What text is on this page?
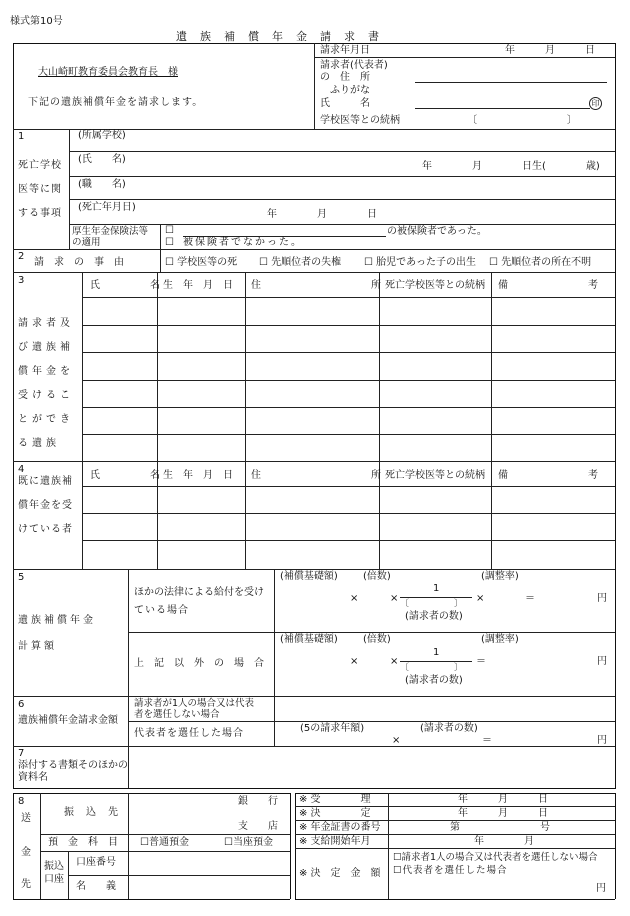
様式第10号
遺　族　補　償　年　金　請　求　書
大山崎町教育委員会教育長　様
下記の遺族補償年金を請求します。
請求年月日	年　　　月　　　日
請求者(代表者)
の　住　所
ふりがな
氏　　　名	印
学校医等との続柄	〔　　　　　　　　　〕
1
死亡学校
医等に関
する事項
(所属学校)
(氏　　名)
年　　　　月　　　　日生(　　　　歳)
(職　　名)
(死亡年月日)
年　　　　月　　　　日
厚生年金保険法等
の適用
☐	の被保険者であった。
☐ 被保険者でなかった。
2
請　求　の　事　由	☐ 学校医等の死 ☐ 先順位者の失権 ☐ 胎児であった子の出生 ☐ 先順位者の所在不明
3
請求者及
び遺族補
償年金を
受けるこ
とができ
る遺族
氏　　　　　名 生　年　月　日 住　　　　　　　　　　　所 死亡学校医等との続柄 備　　　　　　　　考
4
既に遺族補
償年金を受
けている者
氏　　　　　名 生　年　月　日 住　　　　　　　　　　　所 死亡学校医等との続柄 備　　　　　　　　考
5
遺族補償年金
計算額
ほかの法律による給付を受け
ている場合
上　記　以　外　の　場　合
(補償基礎額)	(倍数)	(調整率)
×	×
1
〔　　　　　〕
(請求者の数)
×	＝	円
(補償基礎額)	(倍数)	(調整率)
×	×
1
〔　　　　　〕
(請求者の数)
＝	円
6
遺族補償年金請求金額
請求者が1人の場合又は代表
者を選任しない場合
代表者を選任した場合	(5の請求年額)	(請求者の数)
×	＝	円
7
添付する書類そのほかの
資料名
8
送
金
先
振　込　先
銀　　行
支　　店
預　金　科　目 ☐普通預金	☐当座預金
振込
口座
口座番号
名　　義
※ 受　　　　理	年　　　月　　　日
※ 決　　　　定	年　　　月　　　日
※ 年金証書の番号	第　　　　　　　　号
※ 支給開始年月	年　　　　月
※ 決　定　金　額
☐請求者1人の場合又は代表者を選任しない場合
☐代表者を選任した場合
円
